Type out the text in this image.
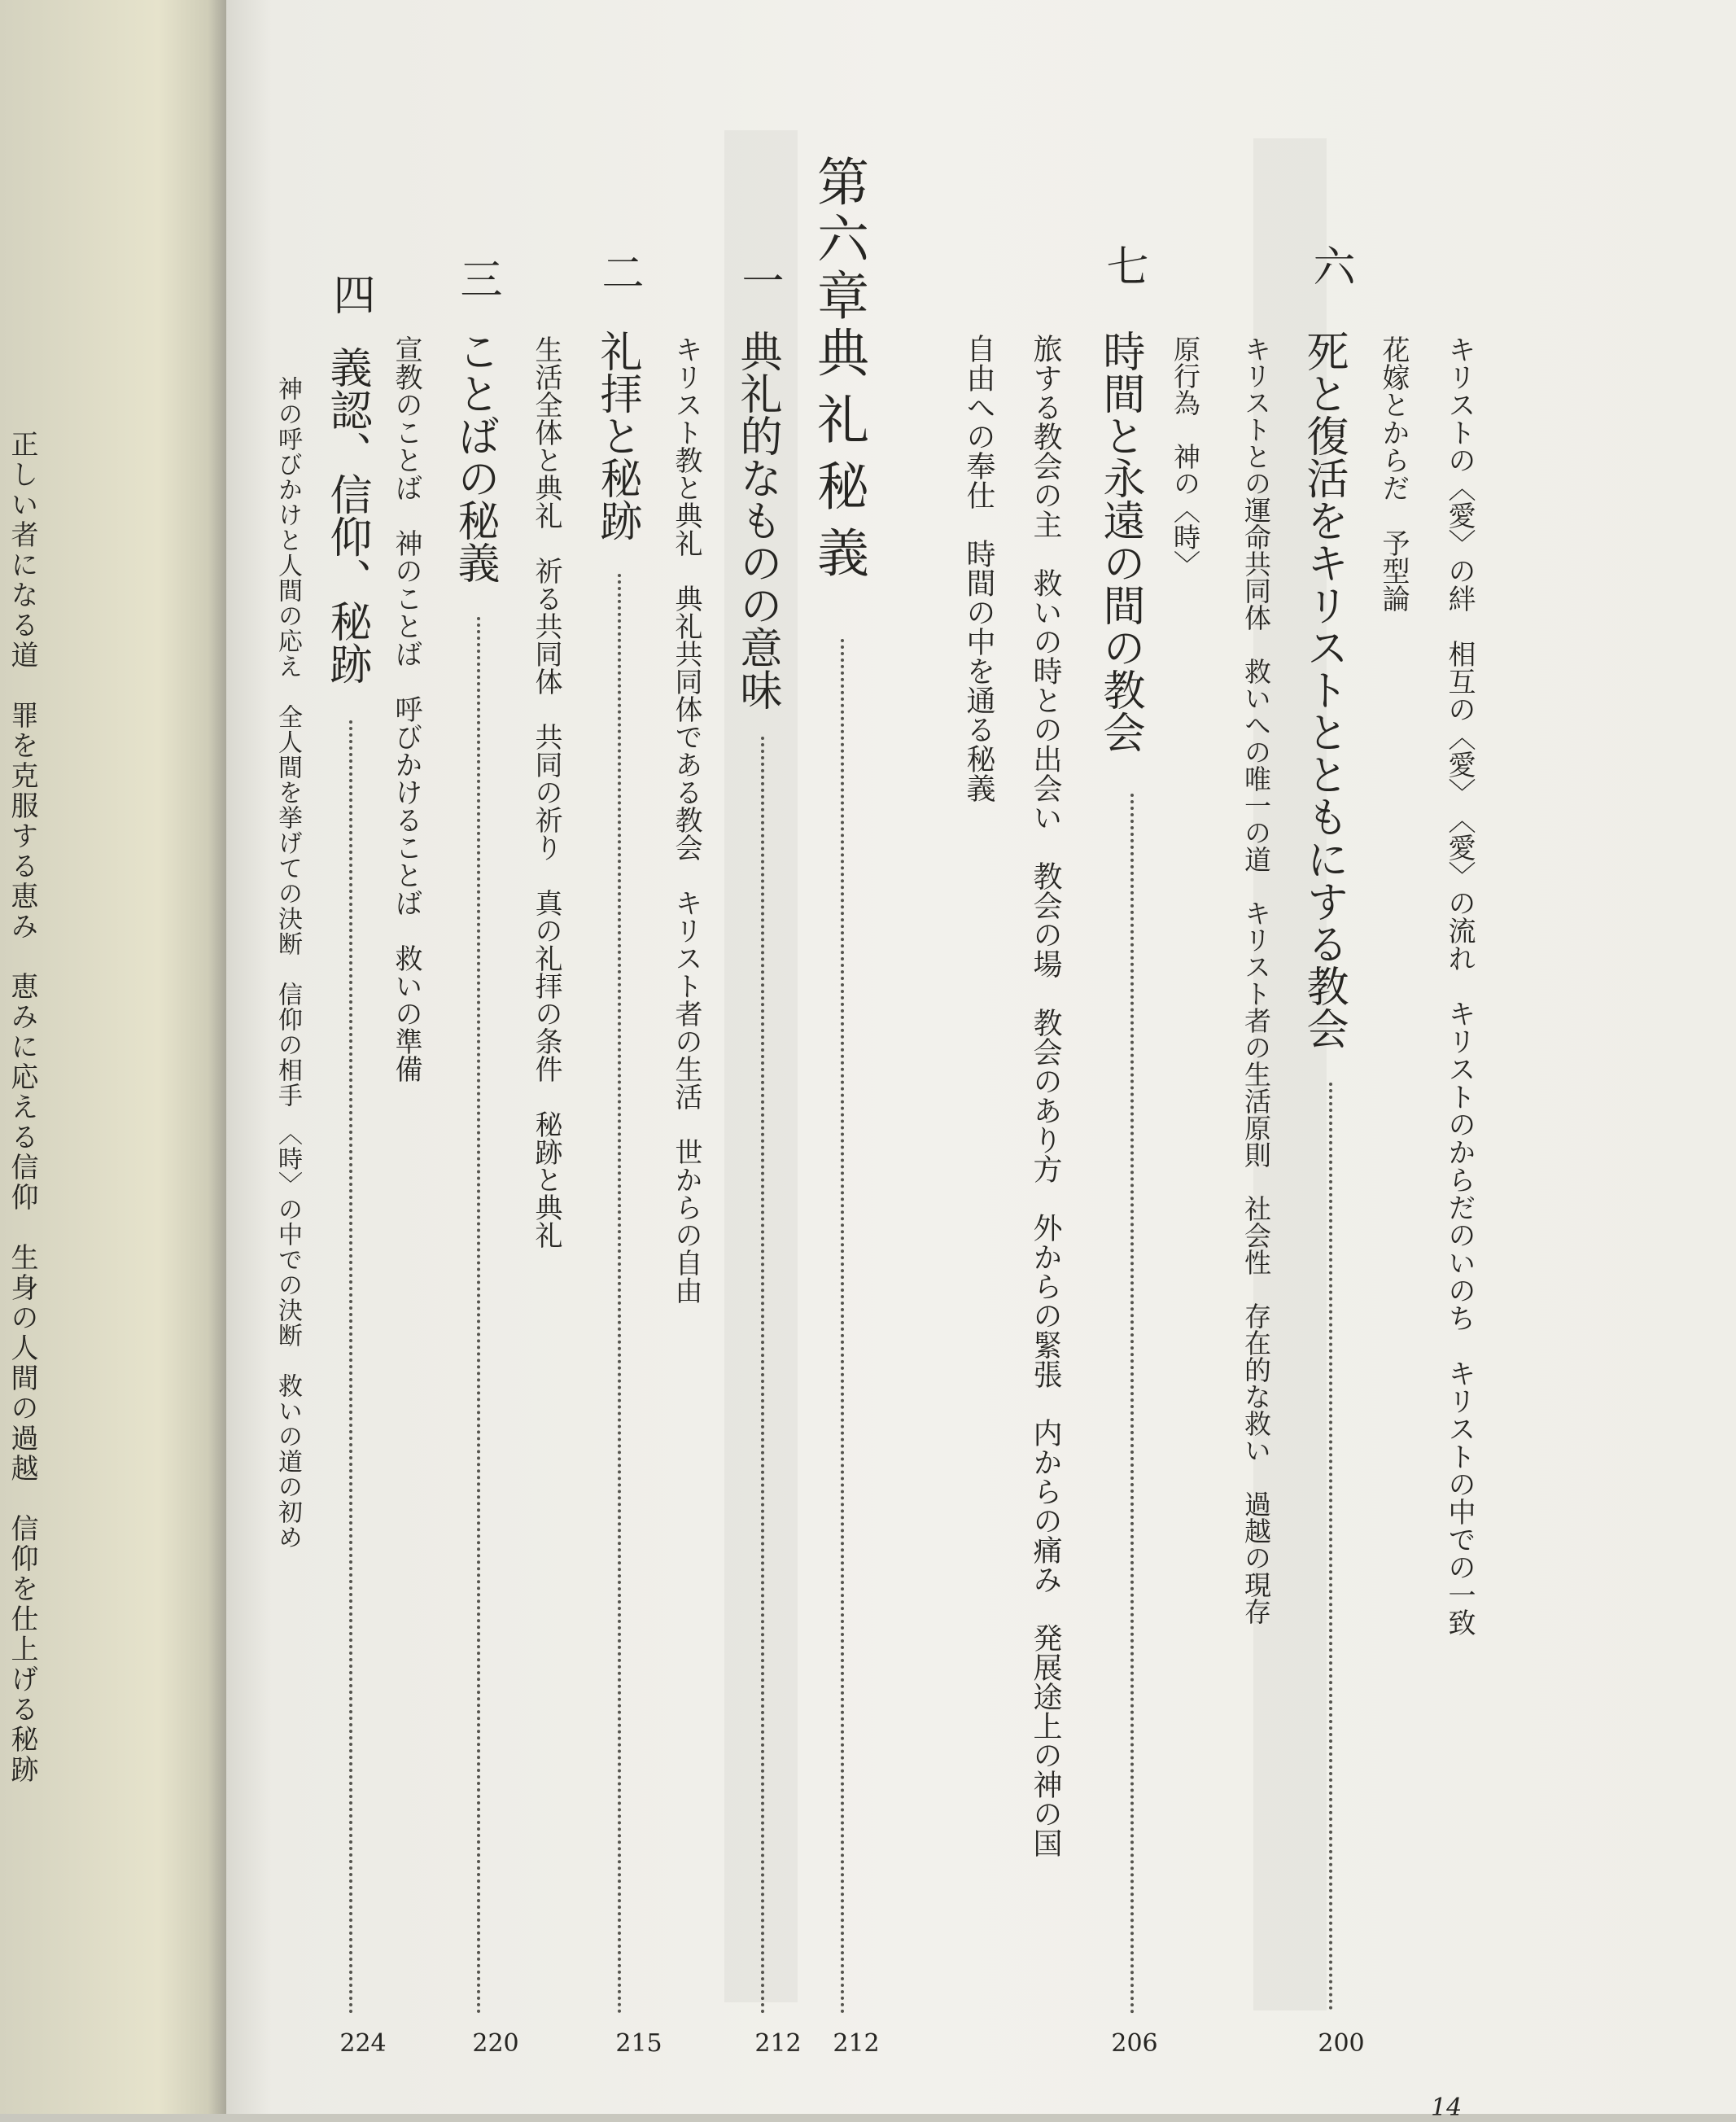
正しい者になる道　罪を克服する恵み　恵みに応える信仰　生身の人間の過越　信仰を仕上げる秘跡
六
死と復活をキリストとともにする教会
200
キリストの〈愛〉の絆　相互の〈愛〉　〈愛〉の流れ　キリストのからだのいのち　キリストの中での一致
花嫁とからだ　予型論
キリストとの運命共同体　救いへの唯一の道　キリスト者の生活原則　社会性　存在的な救い　過越の現存
原行為　神の〈時〉
七
時間と永遠の間の教会
206
旅する教会の主　救いの時との出会い　教会の場　教会のあり方　外からの緊張　内からの痛み　発展途上の神の国
自由への奉仕　時間の中を通る秘義
第六章
典礼秘義
212
一
典礼的なものの意味
212
キリスト教と典礼　典礼共同体である教会　キリスト者の生活　世からの自由
二
礼拝と秘跡
215
生活全体と典礼　祈る共同体　共同の祈り　真の礼拝の条件　秘跡と典礼
三
ことばの秘義
220
宣教のことば　神のことば　呼びかけることば　救いの準備
四
義認、信仰、秘跡
224
神の呼びかけと人間の応え　全人間を挙げての決断　信仰の相手　〈時〉の中での決断　救いの道の初め
14
